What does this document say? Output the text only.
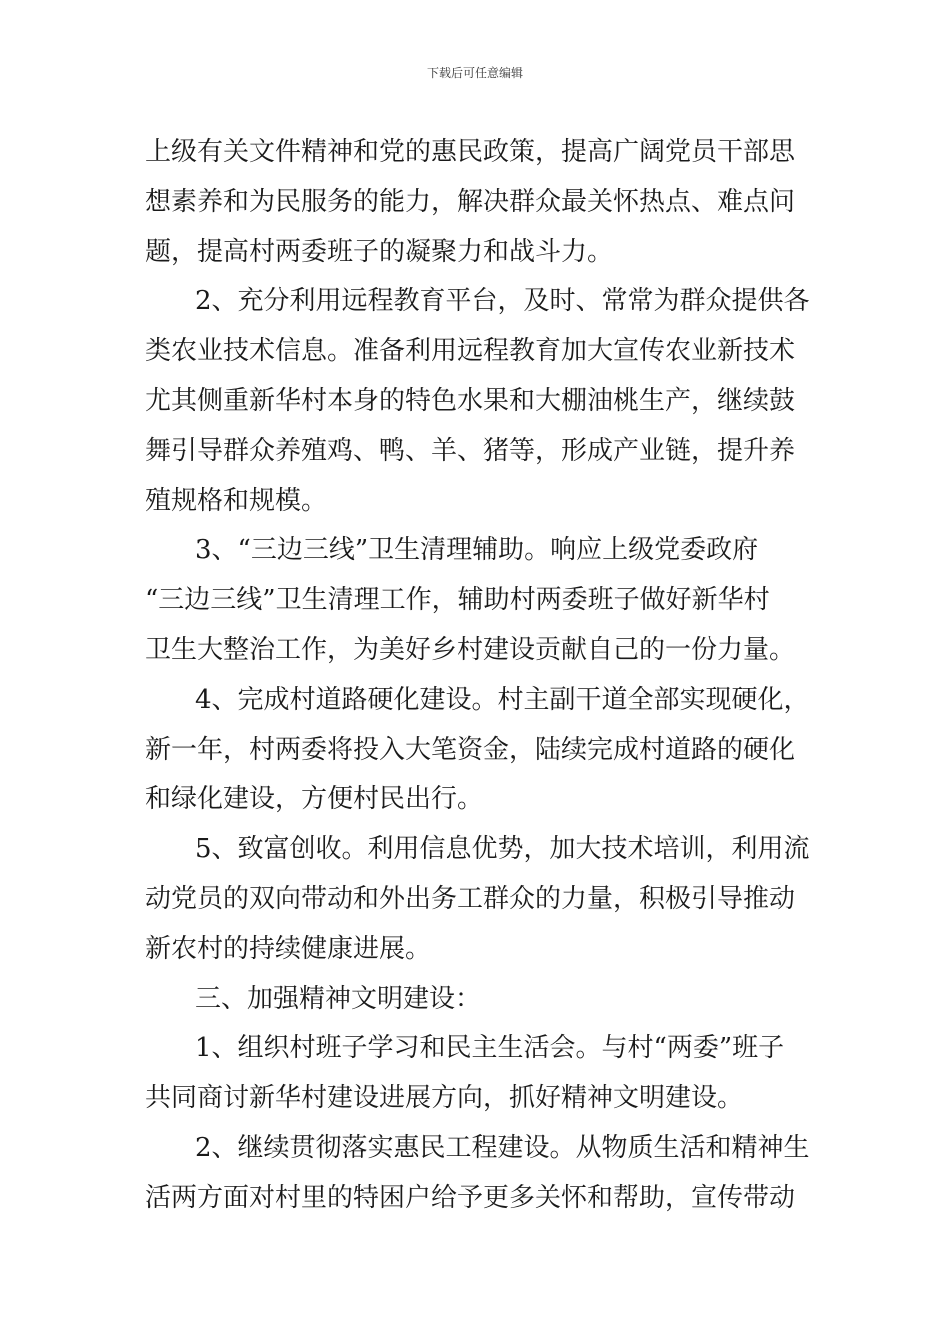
下载后可任意编辑
上级有关文件精神和党的惠民政策，提高广阔党员干部思
想素养和为民服务的能力，解决群众最关怀热点、难点问
题，提高村两委班子的凝聚力和战斗力。
2、充分利用远程教育平台，及时、常常为群众提供各
类农业技术信息。准备利用远程教育加大宣传农业新技术
尤其侧重新华村本身的特色水果和大棚油桃生产，继续鼓
舞引导群众养殖鸡、鸭、羊、猪等，形成产业链，提升养
殖规格和规模。
3、“三边三线”卫生清理辅助。响应上级党委政府
“三边三线”卫生清理工作，辅助村两委班子做好新华村
卫生大整治工作，为美好乡村建设贡献自己的一份力量。
4、完成村道路硬化建设。村主副干道全部实现硬化，
新一年，村两委将投入大笔资金，陆续完成村道路的硬化
和绿化建设，方便村民出行。
5、致富创收。利用信息优势，加大技术培训，利用流
动党员的双向带动和外出务工群众的力量，积极引导推动
新农村的持续健康进展。
三、加强精神文明建设：
1、组织村班子学习和民主生活会。与村“两委”班子
共同商讨新华村建设进展方向，抓好精神文明建设。
2、继续贯彻落实惠民工程建设。从物质生活和精神生
活两方面对村里的特困户给予更多关怀和帮助，宣传带动
